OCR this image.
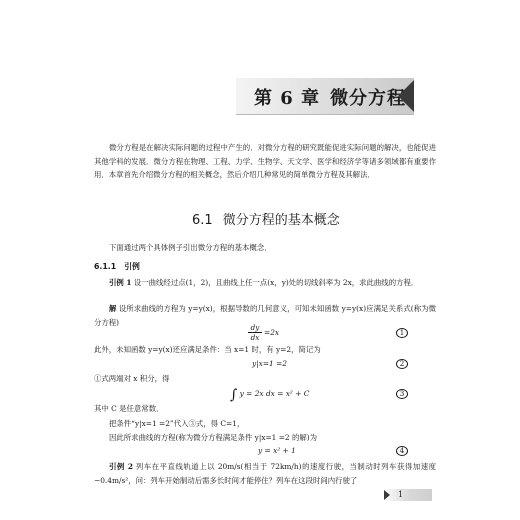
第 6 章 微分方程
微分方程是在解决实际问题的过程中产生的．对微分方程的研究既能促进实际问题的解决，也能促进其他学科的发展．微分方程在物理、工程、力学、生物学、天文学、医学和经济学等诸多领域都有重要作用．本章首先介绍微分方程的相关概念，然后介绍几种常见的简单微分方程及其解法．
6.1 微分方程的基本概念
下面通过两个具体例子引出微分方程的基本概念．
6.1.1 引例
引例 1 设一曲线经过点(1，2)，且曲线上任一点(x，y)处的切线斜率为 2x，求此曲线的方程．
解 设所求曲线的方程为 y=y(x)，根据导数的几何意义，可知未知函数 y=y(x)应满足关系式(称为微分方程)
$\frac{dy}{dx} =2x$	1
此外，未知函数 y=y(x)还应满足条件：当 x=1 时，有 y=2，简记为
y|x=1 =2	2
①式两端对 x 积分，得
∫ y = 2x dx = x² + C	3
其中 C 是任意常数．
把条件“y|x=1 =2”代入③式，得 C=1，
因此所求曲线的方程(称为微分方程满足条件 y|x=1 =2 的解)为
y = x² + 1	4
引例 2 列车在平直线轨道上以 20m/s(相当于 72km/h)的速度行驶，当制动时列车获得加速度 −0.4m/s²，问：列车开始制动后需多长时间才能停住？列车在这段时间内行驶了
1
